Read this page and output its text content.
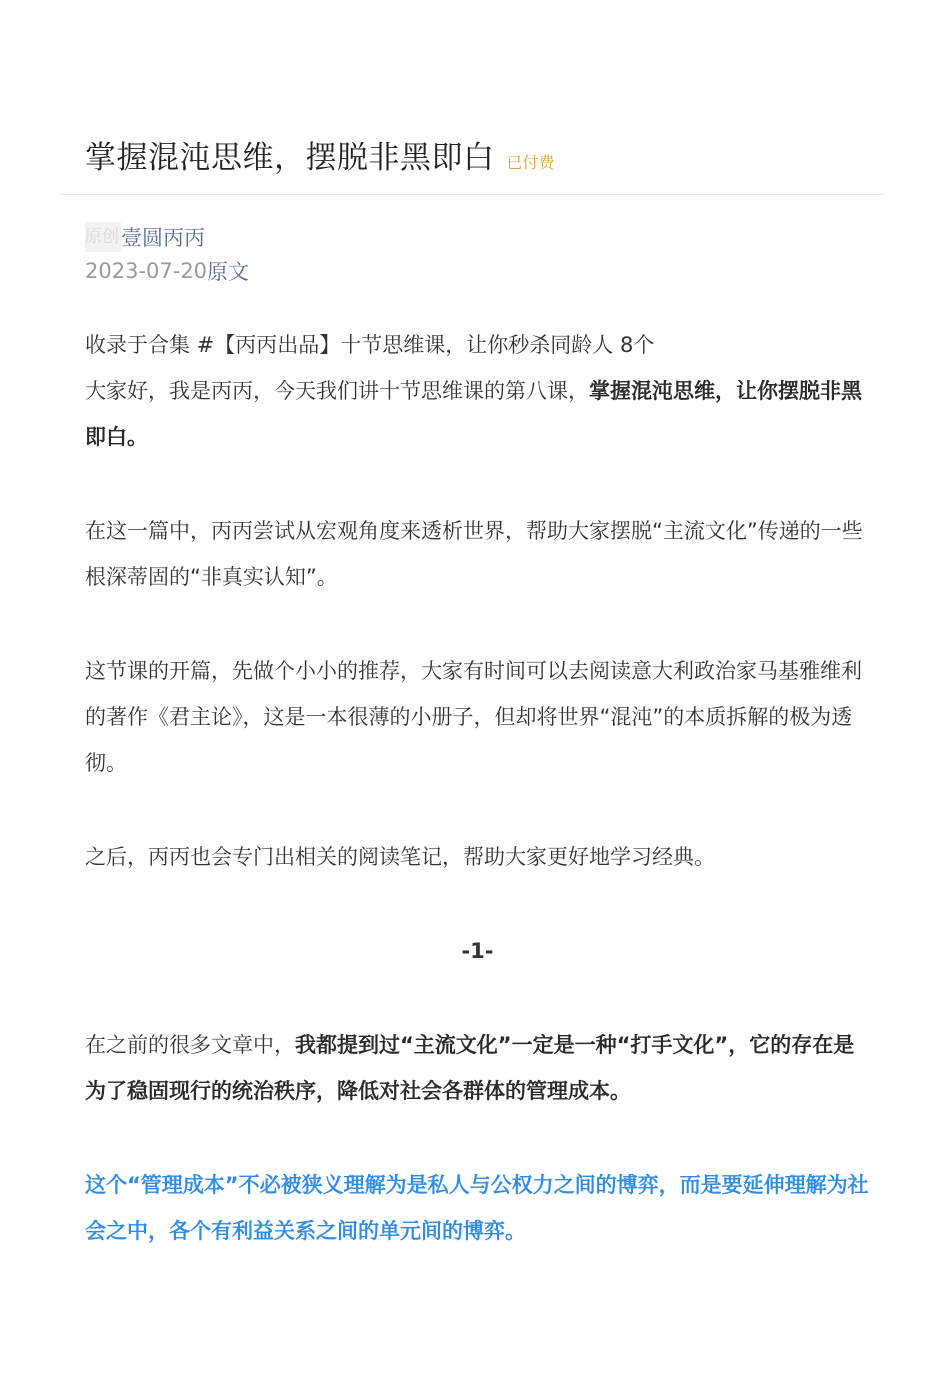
掌握混沌思维，摆脱非黑即白 已付费
原创 壹圆丙丙
2023-07-20 原文
收录于合集 #【丙丙出品】十节思维课，让你秒杀同龄人 8个

大家好，我是丙丙，今天我们讲十节思维课的第八课，掌握混沌思维，让你摆脱非黑即白。

在这一篇中，丙丙尝试从宏观角度来透析世界，帮助大家摆脱“主流文化”传递的一些根深蒂固的“非真实认知”。

这节课的开篇，先做个小小的推荐，大家有时间可以去阅读意大利政治家马基雅维利的著作《君主论》，这是一本很薄的小册子，但却将世界“混沌”的本质拆解的极为透彻。

之后，丙丙也会专门出相关的阅读笔记，帮助大家更好地学习经典。

-1-

在之前的很多文章中，我都提到过“主流文化”一定是一种“打手文化”，它的存在是为了稳固现行的统治秩序，降低对社会各群体的管理成本。

这个“管理成本”不必被狭义理解为是私人与公权力之间的博弈，而是要延伸理解为社会之中，各个有利益关系之间的单元间的博弈。
